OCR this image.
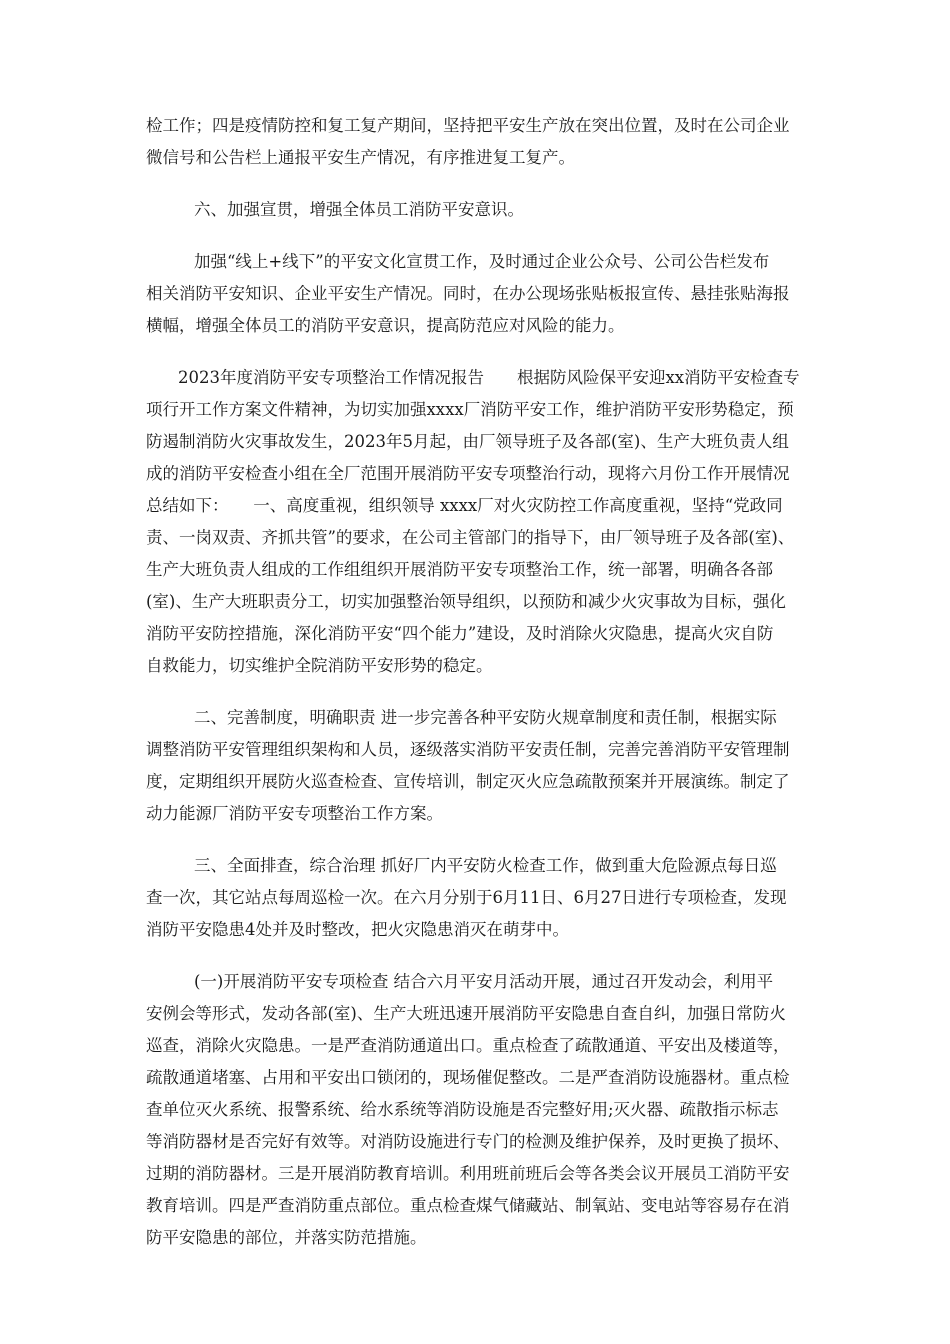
检工作；四是疫情防控和复工复产期间，坚持把平安生产放在突出位置，及时在公司企业
微信号和公告栏上通报平安生产情况，有序推进复工复产。

六、加强宣贯，增强全体员工消防平安意识。

加强“线上+线下”的平安文化宣贯工作，及时通过企业公众号、公司公告栏发布
相关消防平安知识、企业平安生产情况。同时，在办公现场张贴板报宣传、悬挂张贴海报
横幅，增强全体员工的消防平安意识，提高防范应对风险的能力。

2023年度消防平安专项整治工作情况报告　　根据防风险保平安迎xx消防平安检查专
项行开工作方案文件精神，为切实加强xxxx厂消防平安工作，维护消防平安形势稳定，预
防遏制消防火灾事故发生，2023年5月起，由厂领导班子及各部(室)、生产大班负责人组
成的消防平安检查小组在全厂范围开展消防平安专项整治行动，现将六月份工作开展情况
总结如下：　　一、高度重视，组织领导 xxxx厂对火灾防控工作高度重视，坚持“党政同
责、一岗双责、齐抓共管”的要求，在公司主管部门的指导下，由厂领导班子及各部(室)、
生产大班负责人组成的工作组组织开展消防平安专项整治工作，统一部署，明确各各部
(室)、生产大班职责分工，切实加强整治领导组织，以预防和减少火灾事故为目标，强化
消防平安防控措施，深化消防平安“四个能力”建设，及时消除火灾隐患，提高火灾自防
自救能力，切实维护全院消防平安形势的稳定。

二、完善制度，明确职责 进一步完善各种平安防火规章制度和责任制，根据实际
调整消防平安管理组织架构和人员，逐级落实消防平安责任制，完善完善消防平安管理制
度，定期组织开展防火巡查检查、宣传培训，制定灭火应急疏散预案并开展演练。制定了
动力能源厂消防平安专项整治工作方案。

三、全面排查，综合治理 抓好厂内平安防火检查工作，做到重大危险源点每日巡
查一次，其它站点每周巡检一次。在六月分别于6月11日、6月27日进行专项检查，发现
消防平安隐患4处并及时整改，把火灾隐患消灭在萌芽中。

(一)开展消防平安专项检查 结合六月平安月活动开展，通过召开发动会，利用平
安例会等形式，发动各部(室)、生产大班迅速开展消防平安隐患自查自纠，加强日常防火
巡查，消除火灾隐患。一是严查消防通道出口。重点检查了疏散通道、平安出及楼道等，
疏散通道堵塞、占用和平安出口锁闭的，现场催促整改。二是严查消防设施器材。重点检
查单位灭火系统、报警系统、给水系统等消防设施是否完整好用;灭火器、疏散指示标志
等消防器材是否完好有效等。对消防设施进行专门的检测及维护保养，及时更换了损坏、
过期的消防器材。三是开展消防教育培训。利用班前班后会等各类会议开展员工消防平安
教育培训。四是严查消防重点部位。重点检查煤气储藏站、制氧站、变电站等容易存在消
防平安隐患的部位，并落实防范措施。
